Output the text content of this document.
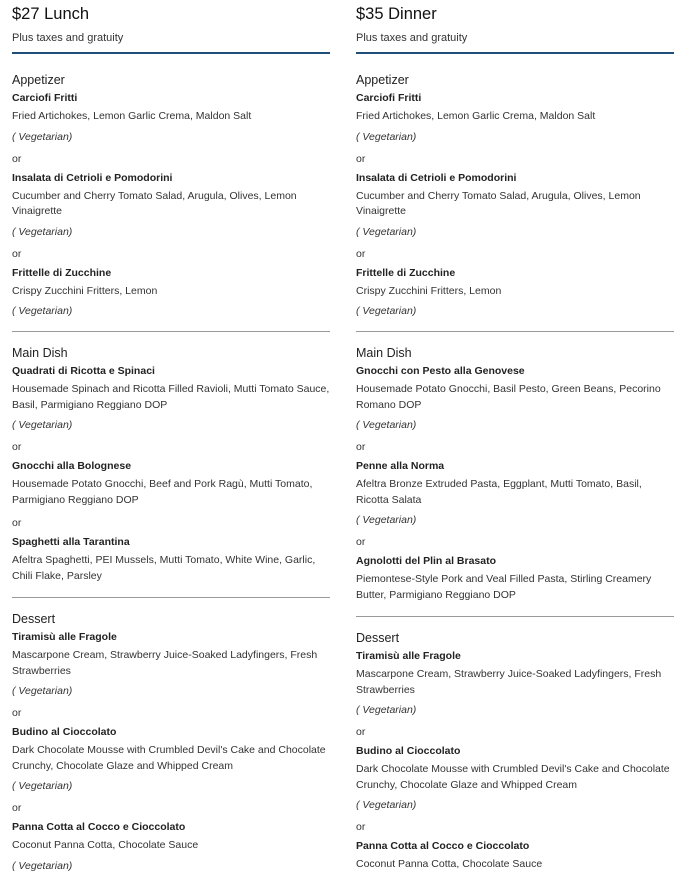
$27 Lunch
Plus taxes and gratuity
Appetizer
Carciofi Fritti
Fried Artichokes, Lemon Garlic Crema, Maldon Salt
( Vegetarian)
or
Insalata di Cetrioli e Pomodorini
Cucumber and Cherry Tomato Salad, Arugula, Olives, Lemon Vinaigrette
( Vegetarian)
or
Frittelle di Zucchine
Crispy Zucchini Fritters, Lemon
( Vegetarian)
Main Dish
Quadrati di Ricotta e Spinaci
Housemade Spinach and Ricotta Filled Ravioli, Mutti Tomato Sauce, Basil, Parmigiano Reggiano DOP
( Vegetarian)
or
Gnocchi alla Bolognese
Housemade Potato Gnocchi, Beef and Pork Ragù, Mutti Tomato, Parmigiano Reggiano DOP
or
Spaghetti alla Tarantina
Afeltra Spaghetti, PEI Mussels, Mutti Tomato, White Wine, Garlic, Chili Flake, Parsley
Dessert
Tiramisù alle Fragole
Mascarpone Cream, Strawberry Juice-Soaked Ladyfingers, Fresh Strawberries
( Vegetarian)
or
Budino al Cioccolato
Dark Chocolate Mousse with Crumbled Devil's Cake and Chocolate Crunchy, Chocolate Glaze and Whipped Cream
( Vegetarian)
or
Panna Cotta al Cocco e Cioccolato
Coconut Panna Cotta, Chocolate Sauce
( Vegetarian)
$35 Dinner
Plus taxes and gratuity
Appetizer
Carciofi Fritti
Fried Artichokes, Lemon Garlic Crema, Maldon Salt
( Vegetarian)
or
Insalata di Cetrioli e Pomodorini
Cucumber and Cherry Tomato Salad, Arugula, Olives, Lemon Vinaigrette
( Vegetarian)
or
Frittelle di Zucchine
Crispy Zucchini Fritters, Lemon
( Vegetarian)
Main Dish
Gnocchi con Pesto alla Genovese
Housemade Potato Gnocchi, Basil Pesto, Green Beans, Pecorino Romano DOP
( Vegetarian)
or
Penne alla Norma
Afeltra Bronze Extruded Pasta, Eggplant, Mutti Tomato, Basil, Ricotta Salata
( Vegetarian)
or
Agnolotti del Plin al Brasato
Piemontese-Style Pork and Veal Filled Pasta, Stirling Creamery Butter, Parmigiano Reggiano DOP
Dessert
Tiramisù alle Fragole
Mascarpone Cream, Strawberry Juice-Soaked Ladyfingers, Fresh Strawberries
( Vegetarian)
or
Budino al Cioccolato
Dark Chocolate Mousse with Crumbled Devil's Cake and Chocolate Crunchy, Chocolate Glaze and Whipped Cream
( Vegetarian)
or
Panna Cotta al Cocco e Cioccolato
Coconut Panna Cotta, Chocolate Sauce
